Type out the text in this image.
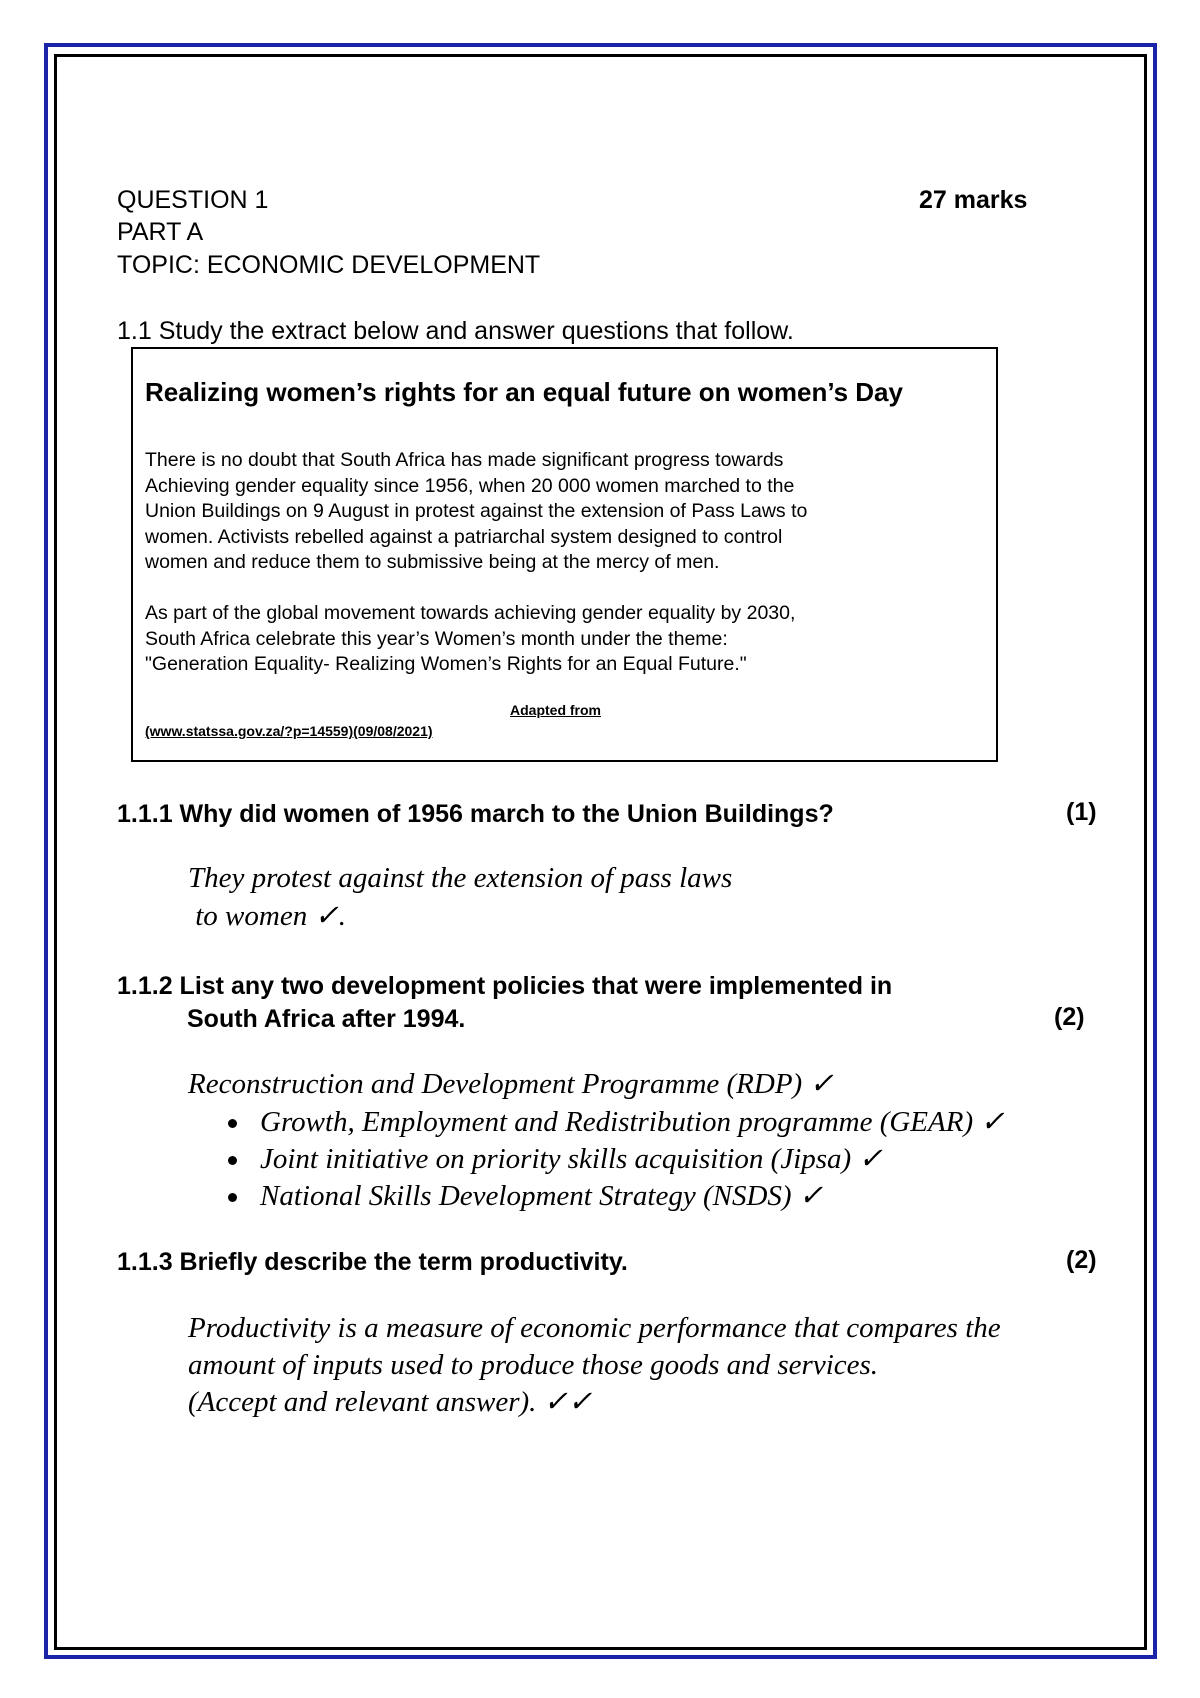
QUESTION 1	27 marks
PART A
TOPIC: ECONOMIC DEVELOPMENT
1.1 Study the extract below and answer questions that follow.
Realizing women’s rights for an equal future on women’s Day
There is no doubt that South Africa has made significant progress towards
Achieving gender equality since 1956, when 20 000 women marched to the
Union Buildings on 9 August in protest against the extension of Pass Laws to
women. Activists rebelled against a patriarchal system designed to control
women and reduce them to submissive being at the mercy of men.
As part of the global movement towards achieving gender equality by 2030,
South Africa celebrate this year’s Women’s month under the theme:
"Generation Equality- Realizing Women’s Rights for an Equal Future."
Adapted from
(www.statssa.gov.za/?p=14559)(09/08/2021)
1.1.1 Why did women of 1956 march to the Union Buildings?	(1)
They protest against the extension of pass laws
to women ✓.
1.1.2 List any two development policies that were implemented in
South Africa after 1994.	(2)
Reconstruction and Development Programme (RDP) ✓
Growth, Employment and Redistribution programme (GEAR) ✓
Joint initiative on priority skills acquisition (Jipsa) ✓
National Skills Development Strategy (NSDS) ✓
1.1.3 Briefly describe the term productivity.	(2)
Productivity is a measure of economic performance that compares the
amount of inputs used to produce those goods and services.
(Accept and relevant answer). ✓✓
